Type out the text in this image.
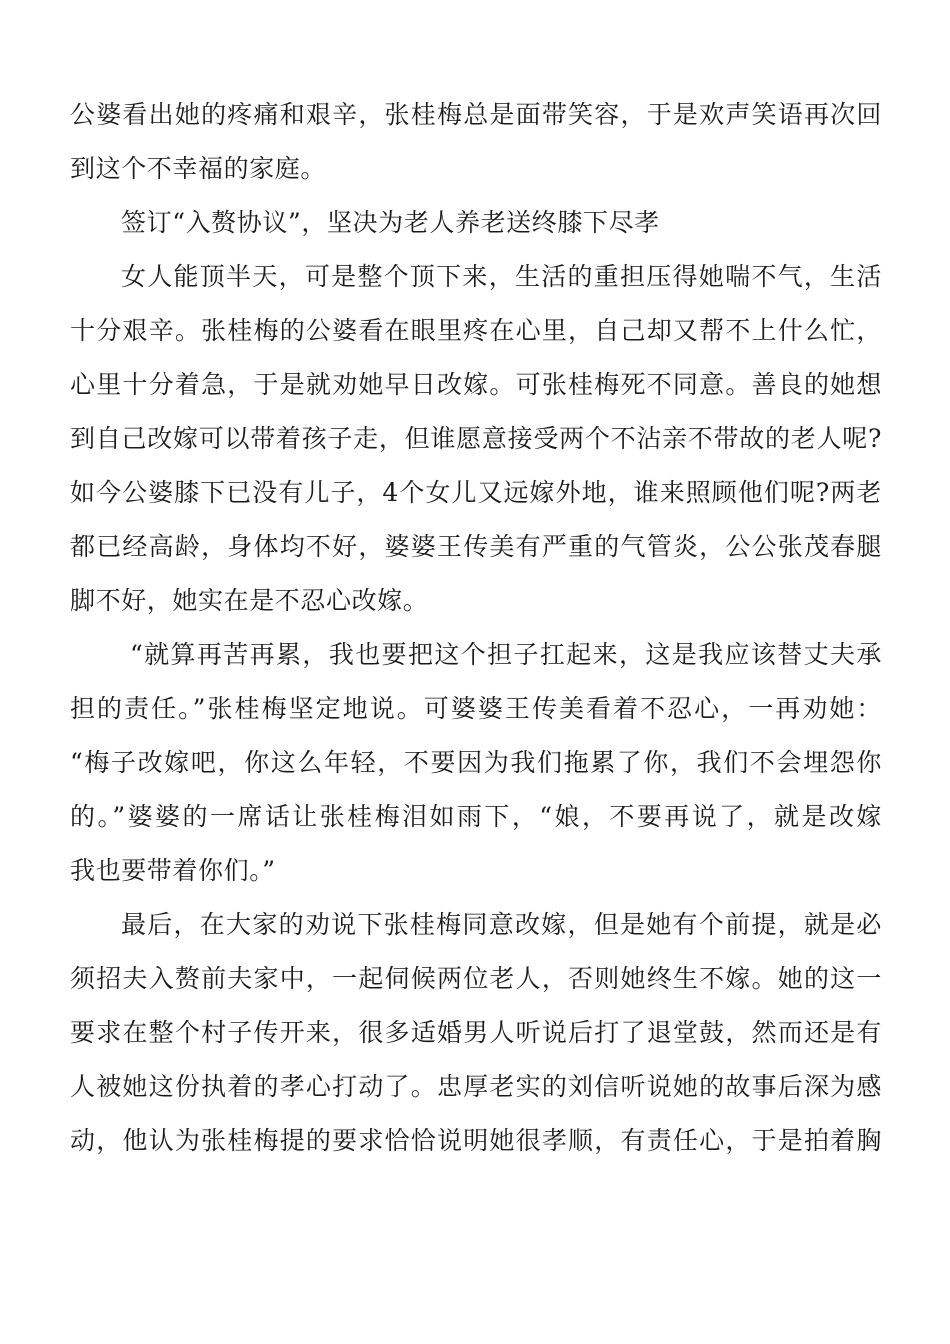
公婆看出她的疼痛和艰辛，张桂梅总是面带笑容，于是欢声笑语再次回
到这个不幸福的家庭。
签订“入赘协议”，坚决为老人养老送终膝下尽孝
女人能顶半天，可是整个顶下来，生活的重担压得她喘不气，生活
十分艰辛。张桂梅的公婆看在眼里疼在心里，自己却又帮不上什么忙，
心里十分着急，于是就劝她早日改嫁。可张桂梅死不同意。善良的她想
到自己改嫁可以带着孩子走，但谁愿意接受两个不沾亲不带故的老人呢?
如今公婆膝下已没有儿子，4个女儿又远嫁外地，谁来照顾他们呢?两老
都已经高龄，身体均不好，婆婆王传美有严重的气管炎，公公张茂春腿
脚不好，她实在是不忍心改嫁。
“就算再苦再累，我也要把这个担子扛起来，这是我应该替丈夫承
担的责任。”张桂梅坚定地说。可婆婆王传美看着不忍心，一再劝她：
“梅子改嫁吧，你这么年轻，不要因为我们拖累了你，我们不会埋怨你
的。”婆婆的一席话让张桂梅泪如雨下，“娘，不要再说了，就是改嫁
我也要带着你们。”
最后，在大家的劝说下张桂梅同意改嫁，但是她有个前提，就是必
须招夫入赘前夫家中，一起伺候两位老人，否则她终生不嫁。她的这一
要求在整个村子传开来，很多适婚男人听说后打了退堂鼓，然而还是有
人被她这份执着的孝心打动了。忠厚老实的刘信听说她的故事后深为感
动，他认为张桂梅提的要求恰恰说明她很孝顺，有责任心，于是拍着胸
